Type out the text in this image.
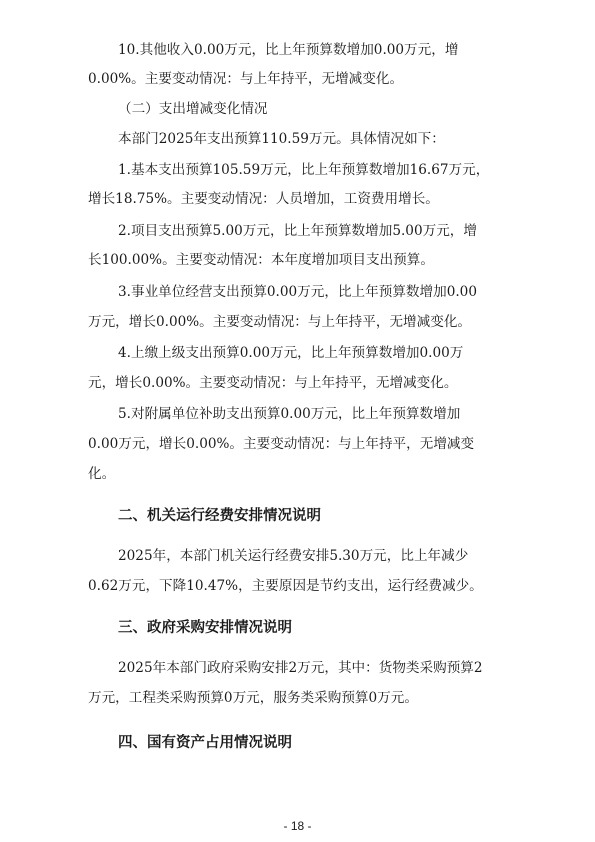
10.其他收入0.00万元，比上年预算数增加0.00万元，增
0.00%。主要变动情况：与上年持平，无增减变化。
（二）支出增减变化情况
本部门2025年支出预算110.59万元。具体情况如下：
1.基本支出预算105.59万元，比上年预算数增加16.67万元，
增长18.75%。主要变动情况：人员增加，工资费用增长。
2.项目支出预算5.00万元，比上年预算数增加5.00万元，增
长100.00%。主要变动情况：本年度增加项目支出预算。
3.事业单位经营支出预算0.00万元，比上年预算数增加0.00
万元，增长0.00%。主要变动情况：与上年持平，无增减变化。
4.上缴上级支出预算0.00万元，比上年预算数增加0.00万
元，增长0.00%。主要变动情况：与上年持平，无增减变化。
5.对附属单位补助支出预算0.00万元，比上年预算数增加
0.00万元，增长0.00%。主要变动情况：与上年持平，无增减变
化。
二、机关运行经费安排情况说明
2025年，本部门机关运行经费安排5.30万元，比上年减少
0.62万元，下降10.47%，主要原因是节约支出，运行经费减少。
三、政府采购安排情况说明
2025年本部门政府采购安排2万元，其中：货物类采购预算2
万元，工程类采购预算0万元，服务类采购预算0万元。
四、国有资产占用情况说明
- 18 -
